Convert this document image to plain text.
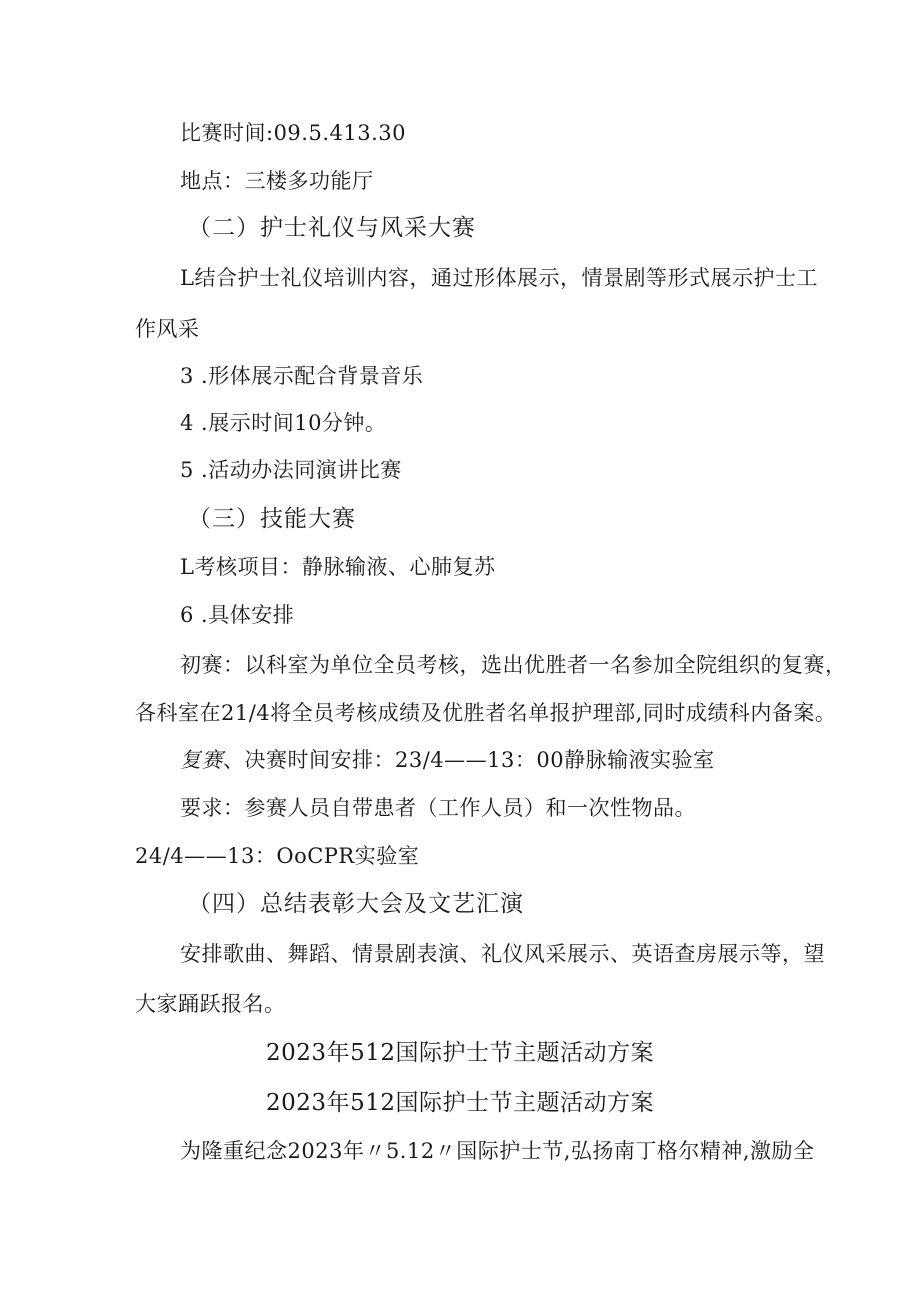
比赛时间:09.5.413.30
地点：三楼多功能厅
（二）护士礼仪与风采大赛
L结合护士礼仪培训内容，通过形体展示，情景剧等形式展示护士工
作风采
3 .形体展示配合背景音乐
4 .展示时间10分钟。
5 .活动办法同演讲比赛
（三）技能大赛
L考核项目：静脉输液、心肺复苏
6 .具体安排
初赛：以科室为单位全员考核，选出优胜者一名参加全院组织的复赛，
各科室在21/4将全员考核成绩及优胜者名单报护理部,同时成绩科内备案。
复赛、决赛时间安排：23/4——13：00静脉输液实验室
要求：参赛人员自带患者（工作人员）和一次性物品。
24/4——13：OoCPR实验室
（四）总结表彰大会及文艺汇演
安排歌曲、舞蹈、情景剧表演、礼仪风采展示、英语查房展示等，望
大家踊跃报名。
2023年512国际护士节主题活动方案
2023年512国际护士节主题活动方案
为隆重纪念2023年〃5.12〃国际护士节,弘扬南丁格尔精神,激励全
